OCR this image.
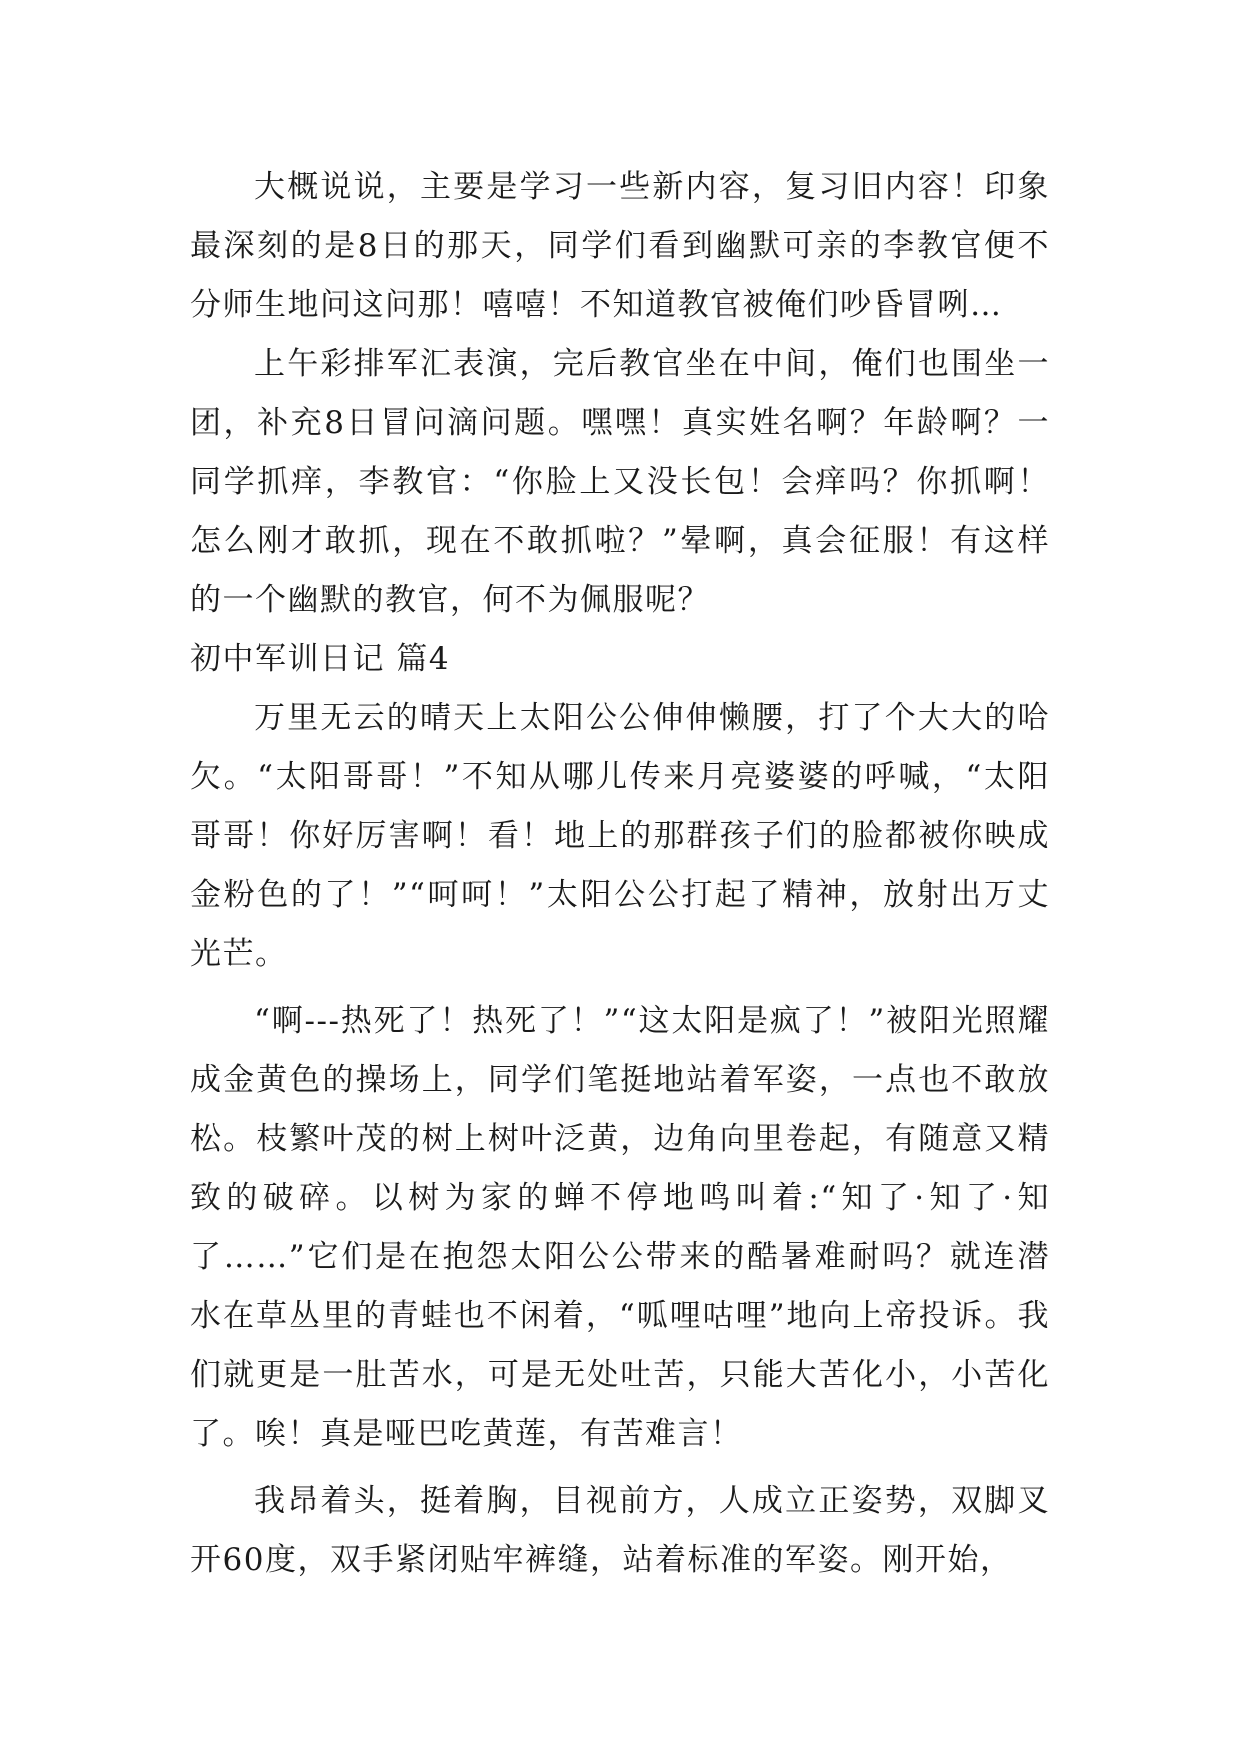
大概说说，主要是学习一些新内容，复习旧内容！印象最深刻的是8日的那天，同学们看到幽默可亲的李教官便不分师生地问这问那！嘻嘻！不知道教官被俺们吵昏冒咧…

上午彩排军汇表演，完后教官坐在中间，俺们也围坐一团，补充8日冒问滴问题。嘿嘿！真实姓名啊？年龄啊？一同学抓痒，李教官：“你脸上又没长包！会痒吗？你抓啊！怎么刚才敢抓，现在不敢抓啦？”晕啊，真会征服！有这样的一个幽默的教官，何不为佩服呢？

初中军训日记 篇4

万里无云的晴天上太阳公公伸伸懒腰，打了个大大的哈欠。“太阳哥哥！”不知从哪儿传来月亮婆婆的呼喊，“太阳哥哥！你好厉害啊！看！地上的那群孩子们的脸都被你映成金粉色的了！”“呵呵！”太阳公公打起了精神，放射出万丈光芒。

“啊---热死了！热死了！”“这太阳是疯了！”被阳光照耀成金黄色的操场上，同学们笔挺地站着军姿，一点也不敢放松。枝繁叶茂的树上树叶泛黄，边角向里卷起，有随意又精致的破碎。以树为家的蝉不停地鸣叫着:“知了·知了·知了……”它们是在抱怨太阳公公带来的酷暑难耐吗？就连潜水在草丛里的青蛙也不闲着，“呱哩咕哩”地向上帝投诉。我们就更是一肚苦水，可是无处吐苦，只能大苦化小，小苦化了。唉！真是哑巴吃黄莲，有苦难言！

我昂着头，挺着胸，目视前方，人成立正姿势，双脚叉开60度，双手紧闭贴牢裤缝，站着标准的军姿。刚开始，
